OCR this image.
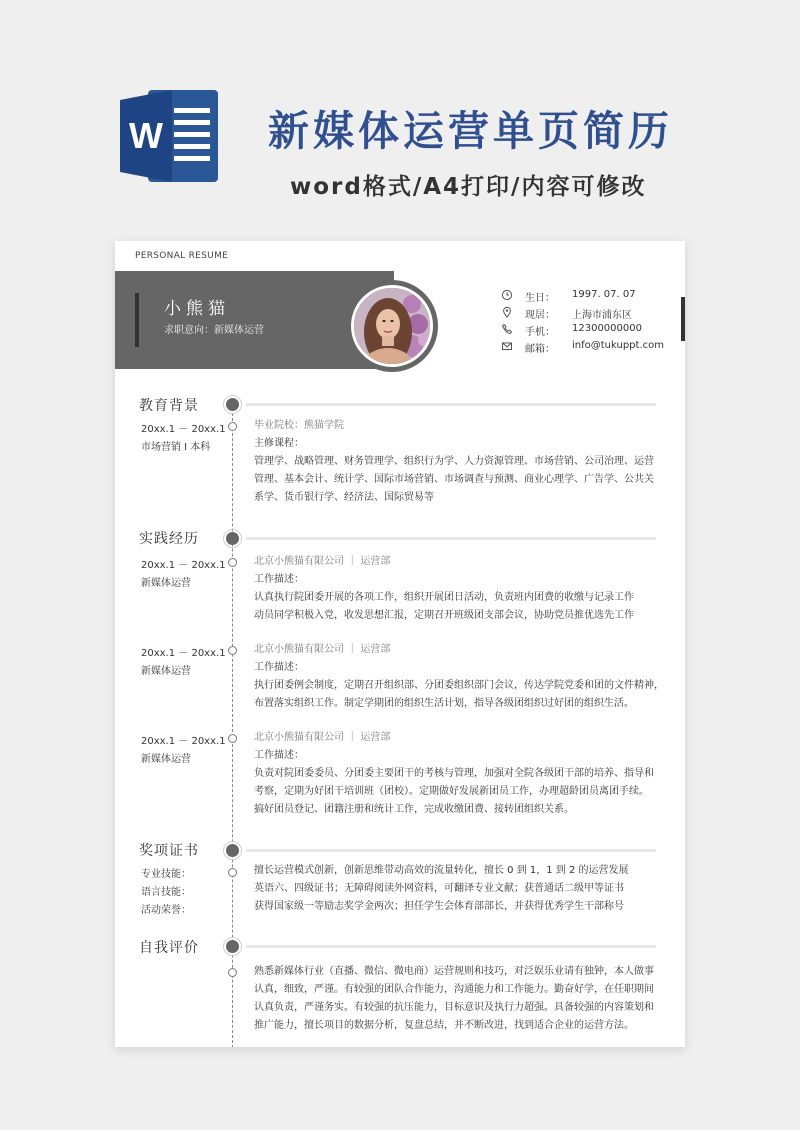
W	新媒体运营单页简历
word格式/A4打印/内容可修改
PERSONAL RESUME
小熊猫
求职意向：新媒体运营
生日： 1997. 07. 07
现居： 上海市浦东区
手机： 12300000000
邮箱： info@tukuppt.com
教育背景
20xx.1 － 20xx.1
市场营销 I 本科
毕业院校：熊猫学院
主修课程：
管理学、战略管理、财务管理学、组织行为学、人力资源管理、市场营销、公司治理、运营
管理、基本会计、统计学、国际市场营销、市场调查与预测、商业心理学、广告学、公共关
系学、货币银行学、经济法、国际贸易等
实践经历
20xx.1 － 20xx.1
新媒体运营
北京小熊猫有限公司 ｜ 运营部
工作描述：
认真执行院团委开展的各项工作，组织开展团日活动，负责班内团费的收缴与记录工作
动员同学积极入党，收发思想汇报，定期召开班级团支部会议，协助党员推优选先工作
20xx.1 － 20xx.1
新媒体运营
北京小熊猫有限公司 ｜ 运营部
工作描述：
执行团委例会制度，定期召开组织部、分团委组织部门会议，传达学院党委和团的文件精神，
布置落实组织工作。制定学期团的组织生活计划，指导各级团组织过好团的组织生活。
20xx.1 － 20xx.1
新媒体运营
北京小熊猫有限公司 ｜ 运营部
工作描述：
负责对院团委委员、分团委主要团干的考核与管理，加强对全院各级团干部的培养、指导和
考察，定期为好团干培训班（团校）。定期做好发展新团员工作，办理超龄团员离团手续。
搞好团员登记、团籍注册和统计工作，完成收缴团费、接转团组织关系。
奖项证书
专业技能：
语言技能：
活动荣誉：
擅长运营模式创新，创新思维带动高效的流量转化，擅长 0 到 1，1 到 2 的运营发展
英语六、四级证书；无障碍阅读外网资料，可翻译专业文献；获普通话二级甲等证书
获得国家级一等励志奖学金两次；担任学生会体育部部长，并获得优秀学生干部称号
自我评价
熟悉新媒体行业（直播、微信、微电商）运营规则和技巧，对泛娱乐业请有独钟，本人做事
认真，细致，严谨。有较强的团队合作能力，沟通能力和工作能力。勤奋好学，在任职期间
认真负责，严谨务实。有较强的抗压能力，目标意识及执行力超强。具备较强的内容策划和
推广能力，擅长项目的数据分析，复盘总结，并不断改进，找到适合企业的运营方法。
